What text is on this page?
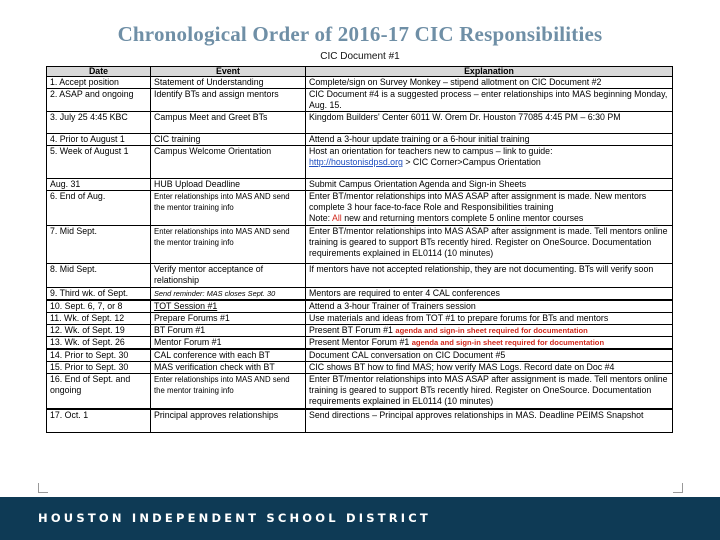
Chronological Order of 2016-17 CIC Responsibilities
CIC Document #1
Date	Event	Explanation
1. Accept position	Statement of Understanding	Complete/sign on Survey Monkey – stipend allotment on CIC Document #2
2. ASAP and ongoing	Identify BTs and assign mentors	CIC Document #4 is a suggested process – enter relationships into MAS beginning Monday, Aug. 15.
3. July 25 4:45 KBC	Campus Meet and Greet BTs	Kingdom Builders' Center 6011 W. Orem Dr. Houston 77085 4:45 PM – 6:30 PM
4. Prior to August 1	CIC training	Attend a 3-hour update training or a 6-hour initial training
5. Week of August 1	Campus Welcome Orientation	Host an orientation for teachers new to campus – link to guide:
http://houstonisdpsd.org > CIC Corner>Campus Orientation
Aug. 31	HUB Upload Deadline	Submit Campus Orientation Agenda and Sign-in Sheets
6. End of Aug.	Enter relationships into MAS AND send the mentor training info	Enter BT/mentor relationships into MAS ASAP after assignment is made. New mentors complete 3 hour face-to-face Role and Responsibilities training
Note: All new and returning mentors complete 5 online mentor courses
7. Mid Sept.	Enter relationships into MAS AND send the mentor training info	Enter BT/mentor relationships into MAS ASAP after assignment is made. Tell mentors online training is geared to support BTs recently hired. Register on OneSource. Documentation requirements explained in EL0114 (10 minutes)
8. Mid Sept.	Verify mentor acceptance of relationship	If mentors have not accepted relationship, they are not documenting. BTs will verify soon
9. Third wk. of Sept.	Send reminder: MAS closes Sept. 30	Mentors are required to enter 4 CAL conferences
10. Sept. 6, 7, or 8	TOT Session #1	Attend a 3-hour Trainer of Trainers session
11. Wk. of Sept. 12	Prepare Forums #1	Use materials and ideas from TOT #1 to prepare forums for BTs and mentors
12. Wk. of Sept. 19	BT Forum #1	Present BT Forum #1 agenda and sign-in sheet required for documentation
13. Wk. of Sept. 26	Mentor Forum #1	Present Mentor Forum #1 agenda and sign-in sheet required for documentation
14. Prior to Sept. 30	CAL conference with each BT	Document CAL conversation on CIC Document #5
15. Prior to Sept. 30	MAS verification check with BT	CIC shows BT how to find MAS; how verify MAS Logs. Record date on Doc #4
16. End of Sept. and ongoing	Enter relationships into MAS AND send the mentor training info	Enter BT/mentor relationships into MAS ASAP after assignment is made. Tell mentors online training is geared to support BTs recently hired. Register on OneSource. Documentation requirements explained in EL0114 (10 minutes)
17. Oct. 1	Principal approves relationships	Send directions – Principal approves relationships in MAS. Deadline PEIMS Snapshot
HOUSTON INDEPENDENT SCHOOL DISTRICT
